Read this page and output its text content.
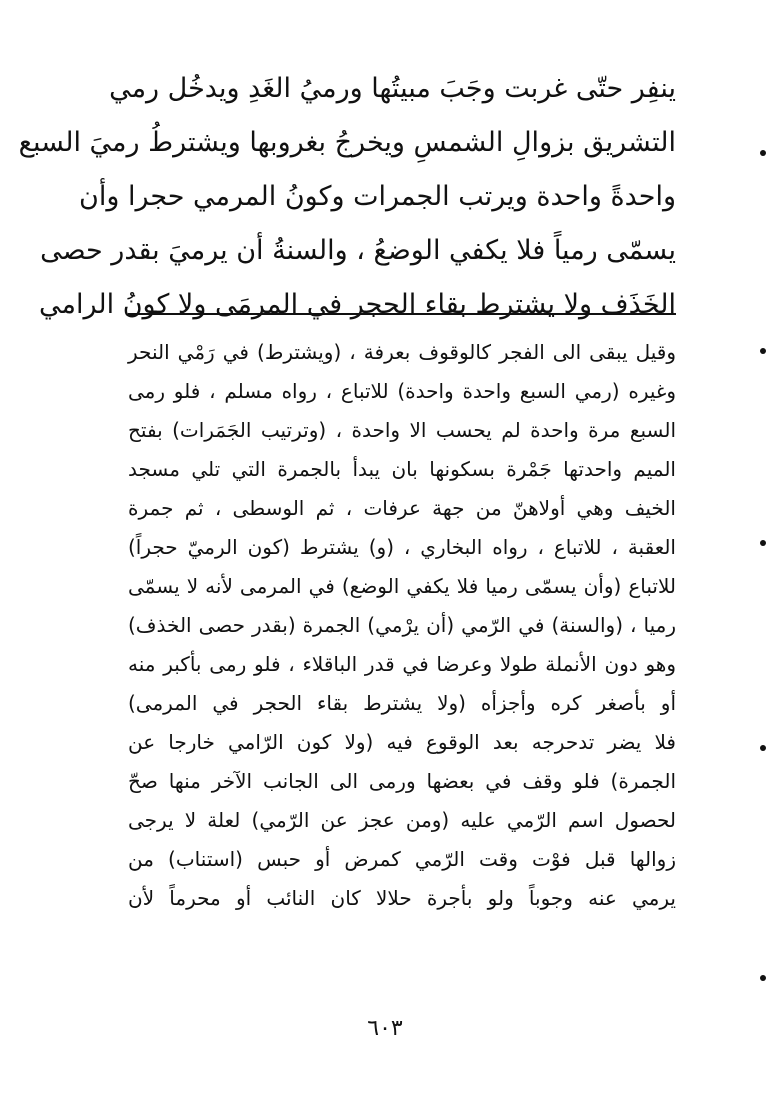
ينفِر حتّى غربت وجَبَ مبيتُها ورميُ الغَدِ ويدخُل رمي
التشريق بزوالِ الشمسِ ويخرجُ بغروبها ويشترطُ رميَ السبع
واحدةً واحدة ويرتب الجمرات وكونُ المرمي حجرا وأن
يسمّى رمياً فلا يكفي الوضعُ ، والسنةُ أن يرميَ بقدر حصى
الخَذَف ولا يشترط بقاء الحجر في المرمَى ولا كونُ الرامي
وقيل يبقى الى الفجر كالوقوف بعرفة ، (ويشترط) في رَمْي النحر
وغيره (رمي السبع واحدة واحدة) للاتباع ، رواه مسلم ، فلو رمى
السبع مرة واحدة لم يحسب الا واحدة ، (وترتيب الجَمَرات) بفتح
الميم واحدتها جَمْرة بسكونها بان يبدأ بالجمرة التي تلي مسجد
الخيف وهي أولاهنّ من جهة عرفات ، ثم الوسطى ، ثم جمرة
العقبة ، للاتباع ، رواه البخاري ، (و) يشترط (كون الرميّ حجراً)
للاتباع (وأن يسمّى رميا فلا يكفي الوضع) في المرمى لأنه لا يسمّى
رميا ، (والسنة) في الرّمي (أن يرْمي) الجمرة (بقدر حصى الخذف)
وهو دون الأنملة طولا وعرضا في قدر الباقلاء ، فلو رمى بأكبر منه
أو بأصغر كره وأجزأه (ولا يشترط بقاء الحجر في المرمى)
فلا يضر تدحرجه بعد الوقوع فيه (ولا كون الرّامي خارجا عن
الجمرة) فلو وقف في بعضها ورمى الى الجانب الآخر منها صحّ
لحصول اسم الرّمي عليه (ومن عجز عن الرّمي) لعلة لا يرجى
زوالها قبل فوْت وقت الرّمي كمرض أو حبس (استناب) من
يرمي عنه وجوباً ولو بأجرة حلالا كان النائب أو محرماً لأن
٦٠٣
